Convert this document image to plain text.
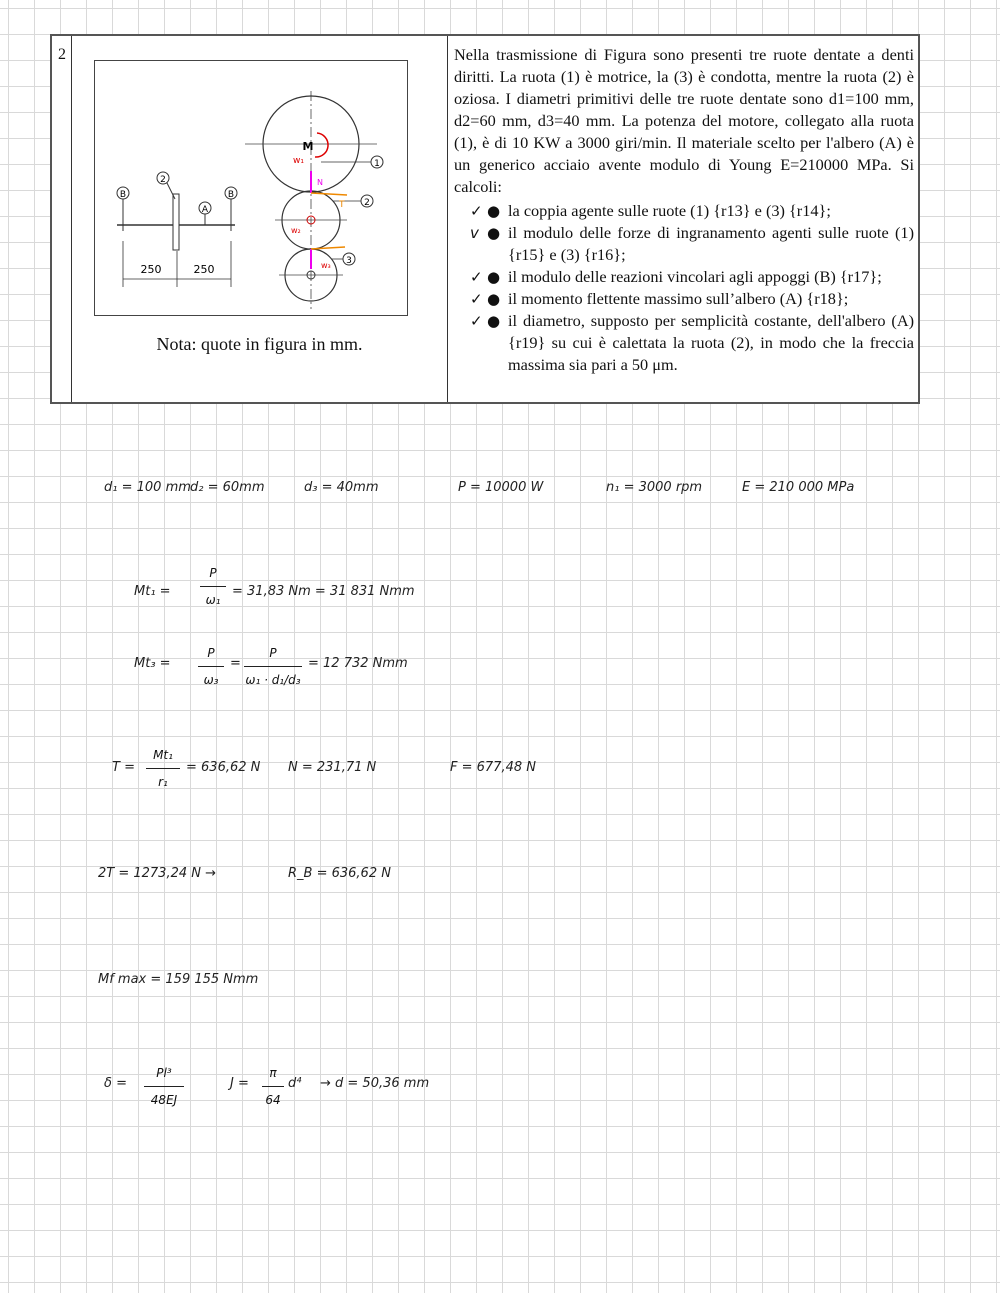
2
B	B
A
2
250	250
1
2
3
M
w₁
N
T
w₂
w₃
Nota: quote in figura in mm.

Nella trasmissione di Figura sono presenti tre ruote dentate a denti diritti. La ruota (1) è motrice, la (3) è condotta, mentre la ruota (2) è oziosa. I diametri primitivi delle tre ruote dentate sono d1=100 mm, d2=60 mm, d3=40 mm. La potenza del motore, collegato alla ruota (1), è di 10 KW a 3000 giri/min. Il materiale scelto per l'albero (A) è un generico acciaio avente modulo di Young E=210000 MPa. Si calcoli:

✓ ● la coppia agente sulle ruote (1) {r13} e (3) {r14};
v ● il modulo delle forze di ingranamento agenti sulle ruote (1) {r15} e (3) {r16};
✓ ● il modulo delle reazioni vincolari agli appoggi (B) {r17};
✓ ● il momento flettente massimo sull’albero (A) {r18};
✓ ● il diametro, supposto per semplicità costante, dell'albero (A) {r19} su cui è calettata la ruota (2), in modo che la freccia massima sia pari a 50 μm.
d₁ = 100 mm d₂ = 60mm	d₃ = 40mm	P = 10000 W	n₁ = 3000 rpm	E = 210 000 MPa
$Mt_1 = \frac{P}{\text{ω₁}} = 31,83$ Nm = 31 831 Nmm
$Mt_3 = \frac{P}{\text{ω₃}} = \frac{P}{\text{ω₁ · d₁/d₃}} = 12$ 732 Nmm
$T = \frac{\text{Mt₁}}{\text{r₁}} = 636,62$ N N = 231,71 N	F = 677,48 N
2T = 1273,24 N →	R_B = 636,62 N
Mf max = 159 155 Nmm
$\delta = \frac{\text{Pl³}}{48EJ}$	$J = \frac{\pi}{64} d^4 \to d = 50,36$ mm
